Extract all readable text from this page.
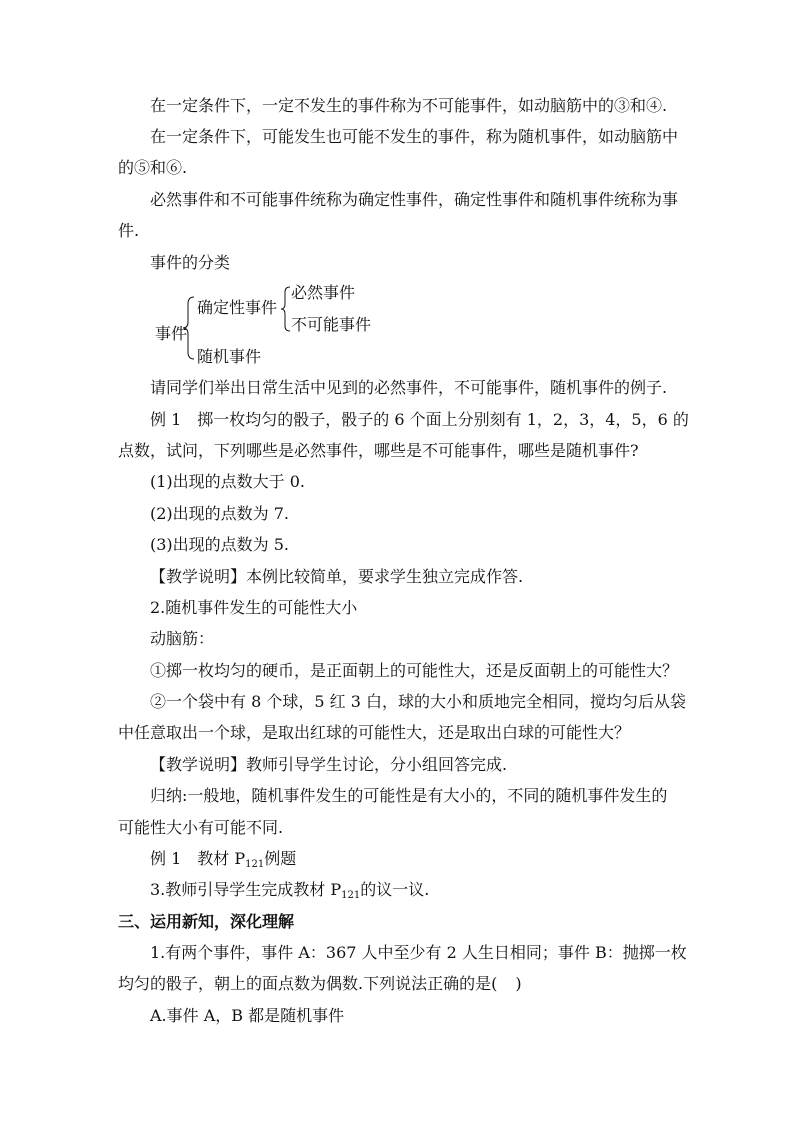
在一定条件下，一定不发生的事件称为不可能事件，如动脑筋中的③和④.
在一定条件下，可能发生也可能不发生的事件，称为随机事件，如动脑筋中
的⑤和⑥.
必然事件和不可能事件统称为确定性事件，确定性事件和随机事件统称为事
件.
事件的分类
事件
确定性事件
必然事件
不可能事件
随机事件
请同学们举出日常生活中见到的必然事件，不可能事件，随机事件的例子.
例 1　掷一枚均匀的骰子，骰子的 6 个面上分别刻有 1，2，3，4，5，6 的
点数，试问，下列哪些是必然事件，哪些是不可能事件，哪些是随机事件?
(1)出现的点数大于 0.
(2)出现的点数为 7.
(3)出现的点数为 5.
【教学说明】本例比较简单，要求学生独立完成作答.
2.随机事件发生的可能性大小
动脑筋：
①掷一枚均匀的硬币，是正面朝上的可能性大，还是反面朝上的可能性大？
②一个袋中有 8 个球，5 红 3 白，球的大小和质地完全相同，搅均匀后从袋
中任意取出一个球，是取出红球的可能性大，还是取出白球的可能性大？
【教学说明】教师引导学生讨论，分小组回答完成.
归纳:一般地，随机事件发生的可能性是有大小的，不同的随机事件发生的
可能性大小有可能不同.
例 1　教材 $P_{121}$例题
3.教师引导学生完成教材 $P_{121}$的议一议.
三、运用新知，深化理解
1.有两个事件，事件 A：367 人中至少有 2 人生日相同；事件 B：抛掷一枚
均匀的骰子，朝上的面点数为偶数.下列说法正确的是( )
A.事件 A，B 都是随机事件
